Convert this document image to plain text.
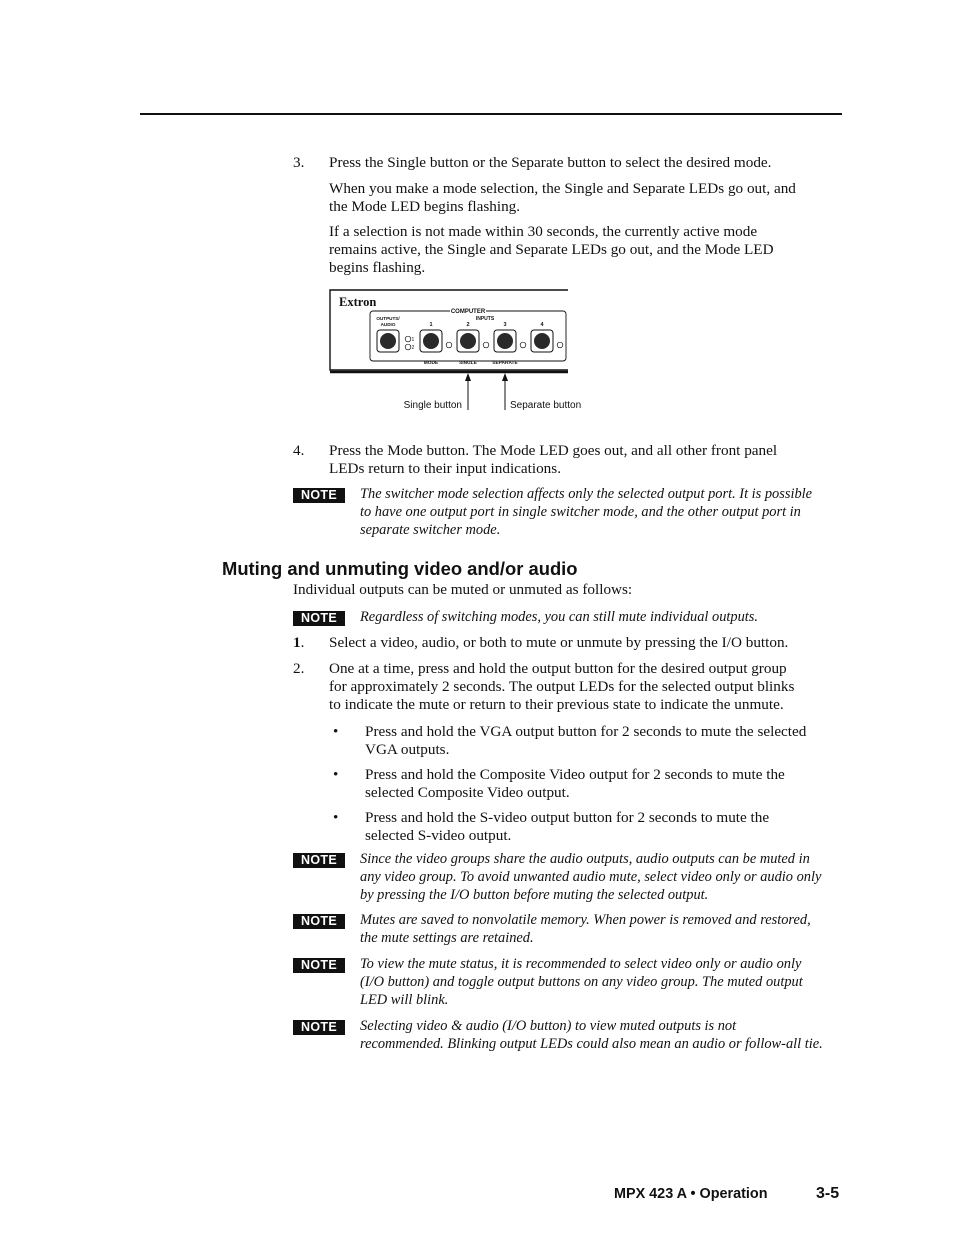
3.	Press the Single button or the Separate button to select the desired mode.
When you make a mode selection, the Single and Separate LEDs go out, and
the Mode LED begins flashing.
If a selection is not made within 30 seconds, the currently active mode
remains active, the Single and Separate LEDs go out, and the Mode LED
begins flashing.
Extron
COMPUTER
INPUTS
OUTPUTS/
AUDIO	1	2	3	4
1
2
MODE	SINGLE	SEPARATE
Single button	Separate button
4.	Press the Mode button. The Mode LED goes out, and all other front panel
LEDs return to their input indications.
NOTE	The switcher mode selection affects only the selected output port. It is possible
to have one output port in single switcher mode, and the other output port in
separate switcher mode.
Muting and unmuting video and/or audio
Individual outputs can be muted or unmuted as follows:
NOTE	Regardless of switching modes, you can still mute individual outputs.
1.	Select a video, audio, or both to mute or unmute by pressing the I/O button.
2.	One at a time, press and hold the output button for the desired output group
for approximately 2 seconds. The output LEDs for the selected output blinks
to indicate the mute or return to their previous state to indicate the unmute.
• Press and hold the VGA output button for 2 seconds to mute the selected
VGA outputs.
• Press and hold the Composite Video output for 2 seconds to mute the
selected Composite Video output.
• Press and hold the S-video output button for 2 seconds to mute the
selected S-video output.
NOTE	Since the video groups share the audio outputs, audio outputs can be muted in
any video group. To avoid unwanted audio mute, select video only or audio only
by pressing the I/O button before muting the selected output.
NOTE	Mutes are saved to nonvolatile memory. When power is removed and restored,
the mute settings are retained.
NOTE	To view the mute status, it is recommended to select video only or audio only
(I/O button) and toggle output buttons on any video group. The muted output
LED will blink.
NOTE	Selecting video & audio (I/O button) to view muted outputs is not
recommended. Blinking output LEDs could also mean an audio or follow-all tie.
MPX 423 A • Operation	3-5
